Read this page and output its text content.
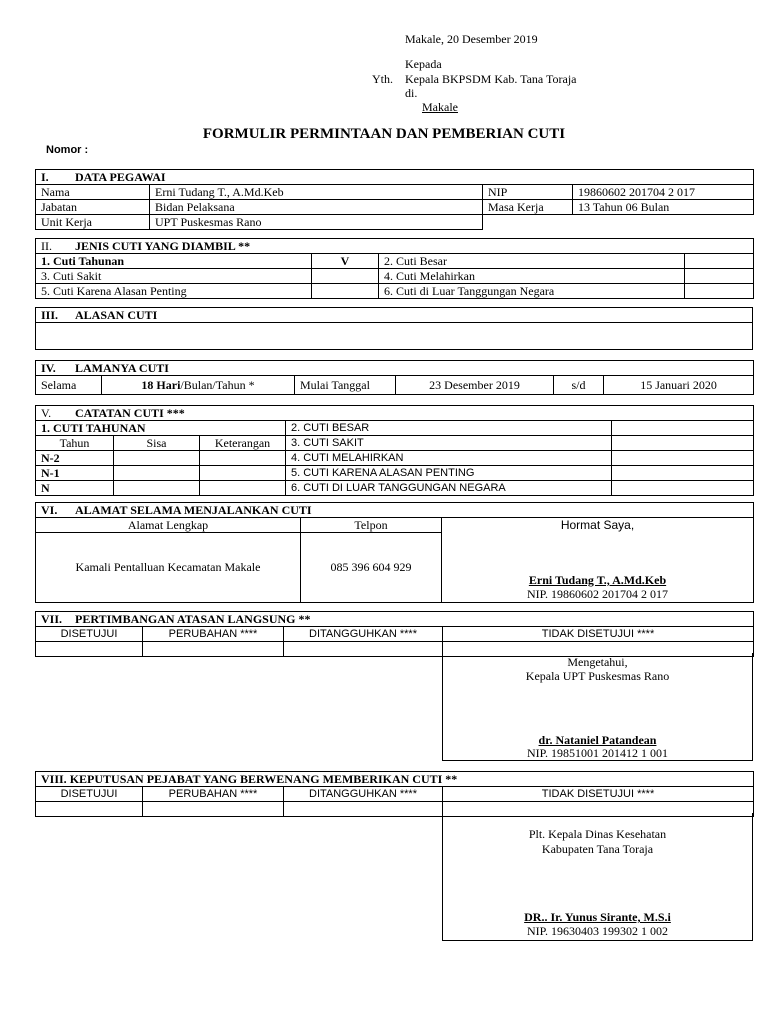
Makale, 20 Desember 2019
Kepada
Yth. Kepala BKPSDM Kab. Tana Toraja
di.
Makale
FORMULIR PERMINTAAN DAN PEMBERIAN CUTI
Nomor :
I. DATA PEGAWAI			
Nama	Erni Tudang T., A.Md.Keb	NIP	19860602 201704 2 017
Jabatan	Bidan Pelaksana	Masa Kerja	13 Tahun 06 Bulan
Unit Kerja	UPT Puskesmas Rano		
II. JENIS CUTI YANG DIAMBIL **			
1. Cuti Tahunan	V	2. Cuti Besar	
3. Cuti Sakit		4. Cuti Melahirkan	
5. Cuti Karena Alasan Penting		6. Cuti di Luar Tanggungan Negara	
III. ALASAN CUTI

IV. LAMANYA CUTI
Selama	18 Hari/Bulan/Tahun *	Mulai Tanggal	23 Desember 2019	s/d	15 Januari 2020
V. CATATAN CUTI ***				
1. CUTI TAHUNAN			2. CUTI BESAR	
Tahun	Sisa	Keterangan	3. CUTI SAKIT	
N-2			4. CUTI MELAHIRKAN	
N-1			5. CUTI KARENA ALASAN PENTING	
N			6. CUTI DI LUAR TANGGUNGAN NEGARA	
VI. ALAMAT SELAMA MENJALANKAN CUTI		
Alamat Lengkap	Telpon	Hormat Saya,
Erni Tudang T., A.Md.Keb
NIP. 19860602 201704 2 017

Kamali Pentalluan Kecamatan Makale	085 396 604 929	
VII. PERTIMBANGAN ATASAN LANGSUNG **			
DISETUJUI	PERUBAHAN ****	DITANGGUHKAN ****	TIDAK DISETUJUI ****

Mengetahui,
Kepala UPT Puskesmas Rano
dr. Nataniel Patandean
NIP. 19851001 201412 1 001
VIII. KEPUTUSAN PEJABAT YANG BERWENANG MEMBERIKAN CUTI **			
DISETUJUI	PERUBAHAN ****	DITANGGUHKAN ****	TIDAK DISETUJUI ****

Plt. Kepala Dinas Kesehatan
Kabupaten Tana Toraja
DR.. Ir. Yunus Sirante, M.S.i
NIP. 19630403 199302 1 002
